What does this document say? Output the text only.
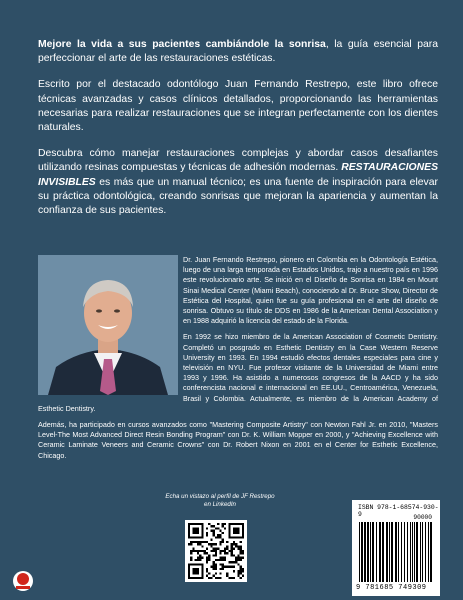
Mejore la vida a sus pacientes cambiándole la sonrisa, la guía esencial para perfeccionar el arte de las restauraciones estéticas.

Escrito por el destacado odontólogo Juan Fernando Restrepo, este libro ofrece técnicas avanzadas y casos clínicos detallados, proporcionando las herramientas necesarias para realizar restauraciones que se integran perfectamente con los dientes naturales.

Descubra cómo manejar restauraciones complejas y abordar casos desafiantes utilizando resinas compuestas y técnicas de adhesión modernas. RESTAURACIONES INVISIBLES es más que un manual técnico; es una fuente de inspiración para elevar su práctica odontológica, creando sonrisas que mejoran la apariencia y aumentan la confianza de sus pacientes.

Dr. Juan Fernando Restrepo, pionero en Colombia en la Odontología Estética, luego de una larga temporada en Estados Unidos, trajo a nuestro país en 1996 este revolucionario arte. Se inició en el Diseño de Sonrisa en 1984 en Mount Sinai Medical Center (Miami Beach), conociendo al Dr. Bruce Show, Director de Estética del Hospital, quien fue su guía profesional en el arte del diseño de sonrisa. Obtuvo su título de DDS en 1986 de la American Dental Association y en 1988 adquirió la licencia del estado de la Florida.

En 1992 se hizo miembro de la American Association of Cosmetic Dentistry. Completó un posgrado en Esthetic Dentistry en la Case Western Reserve University en 1993. En 1994 estudió efectos dentales especiales para cine y televisión en NYU. Fue profesor visitante de la Universidad de Miami entre 1993 y 1996. Ha asistido a numerosos congresos de la AACD y ha sido conferencista nacional e internacional en EE.UU., Centroamérica, Venezuela, Brasil y Colombia. Actualmente, es miembro de la American Academy of Esthetic Dentistry.

Además, ha participado en cursos avanzados como "Mastering Composite Artistry" con Newton Fahl Jr. en 2010, "Masters Level-The Most Advanced Direct Resin Bonding Program" con Dr. K. William Mopper en 2000, y "Achieving Excellence with Ceramic Laminate Veneers and Ceramic Crowns" con Dr. Robert Nixon en 2001 en el Center for Esthetic Excellence, Chicago.

Echa un vistazo al perfil de JF Restrepo en LinkedIn	ISBN 978-1-68574-930-9	90000
9 781685 749309
